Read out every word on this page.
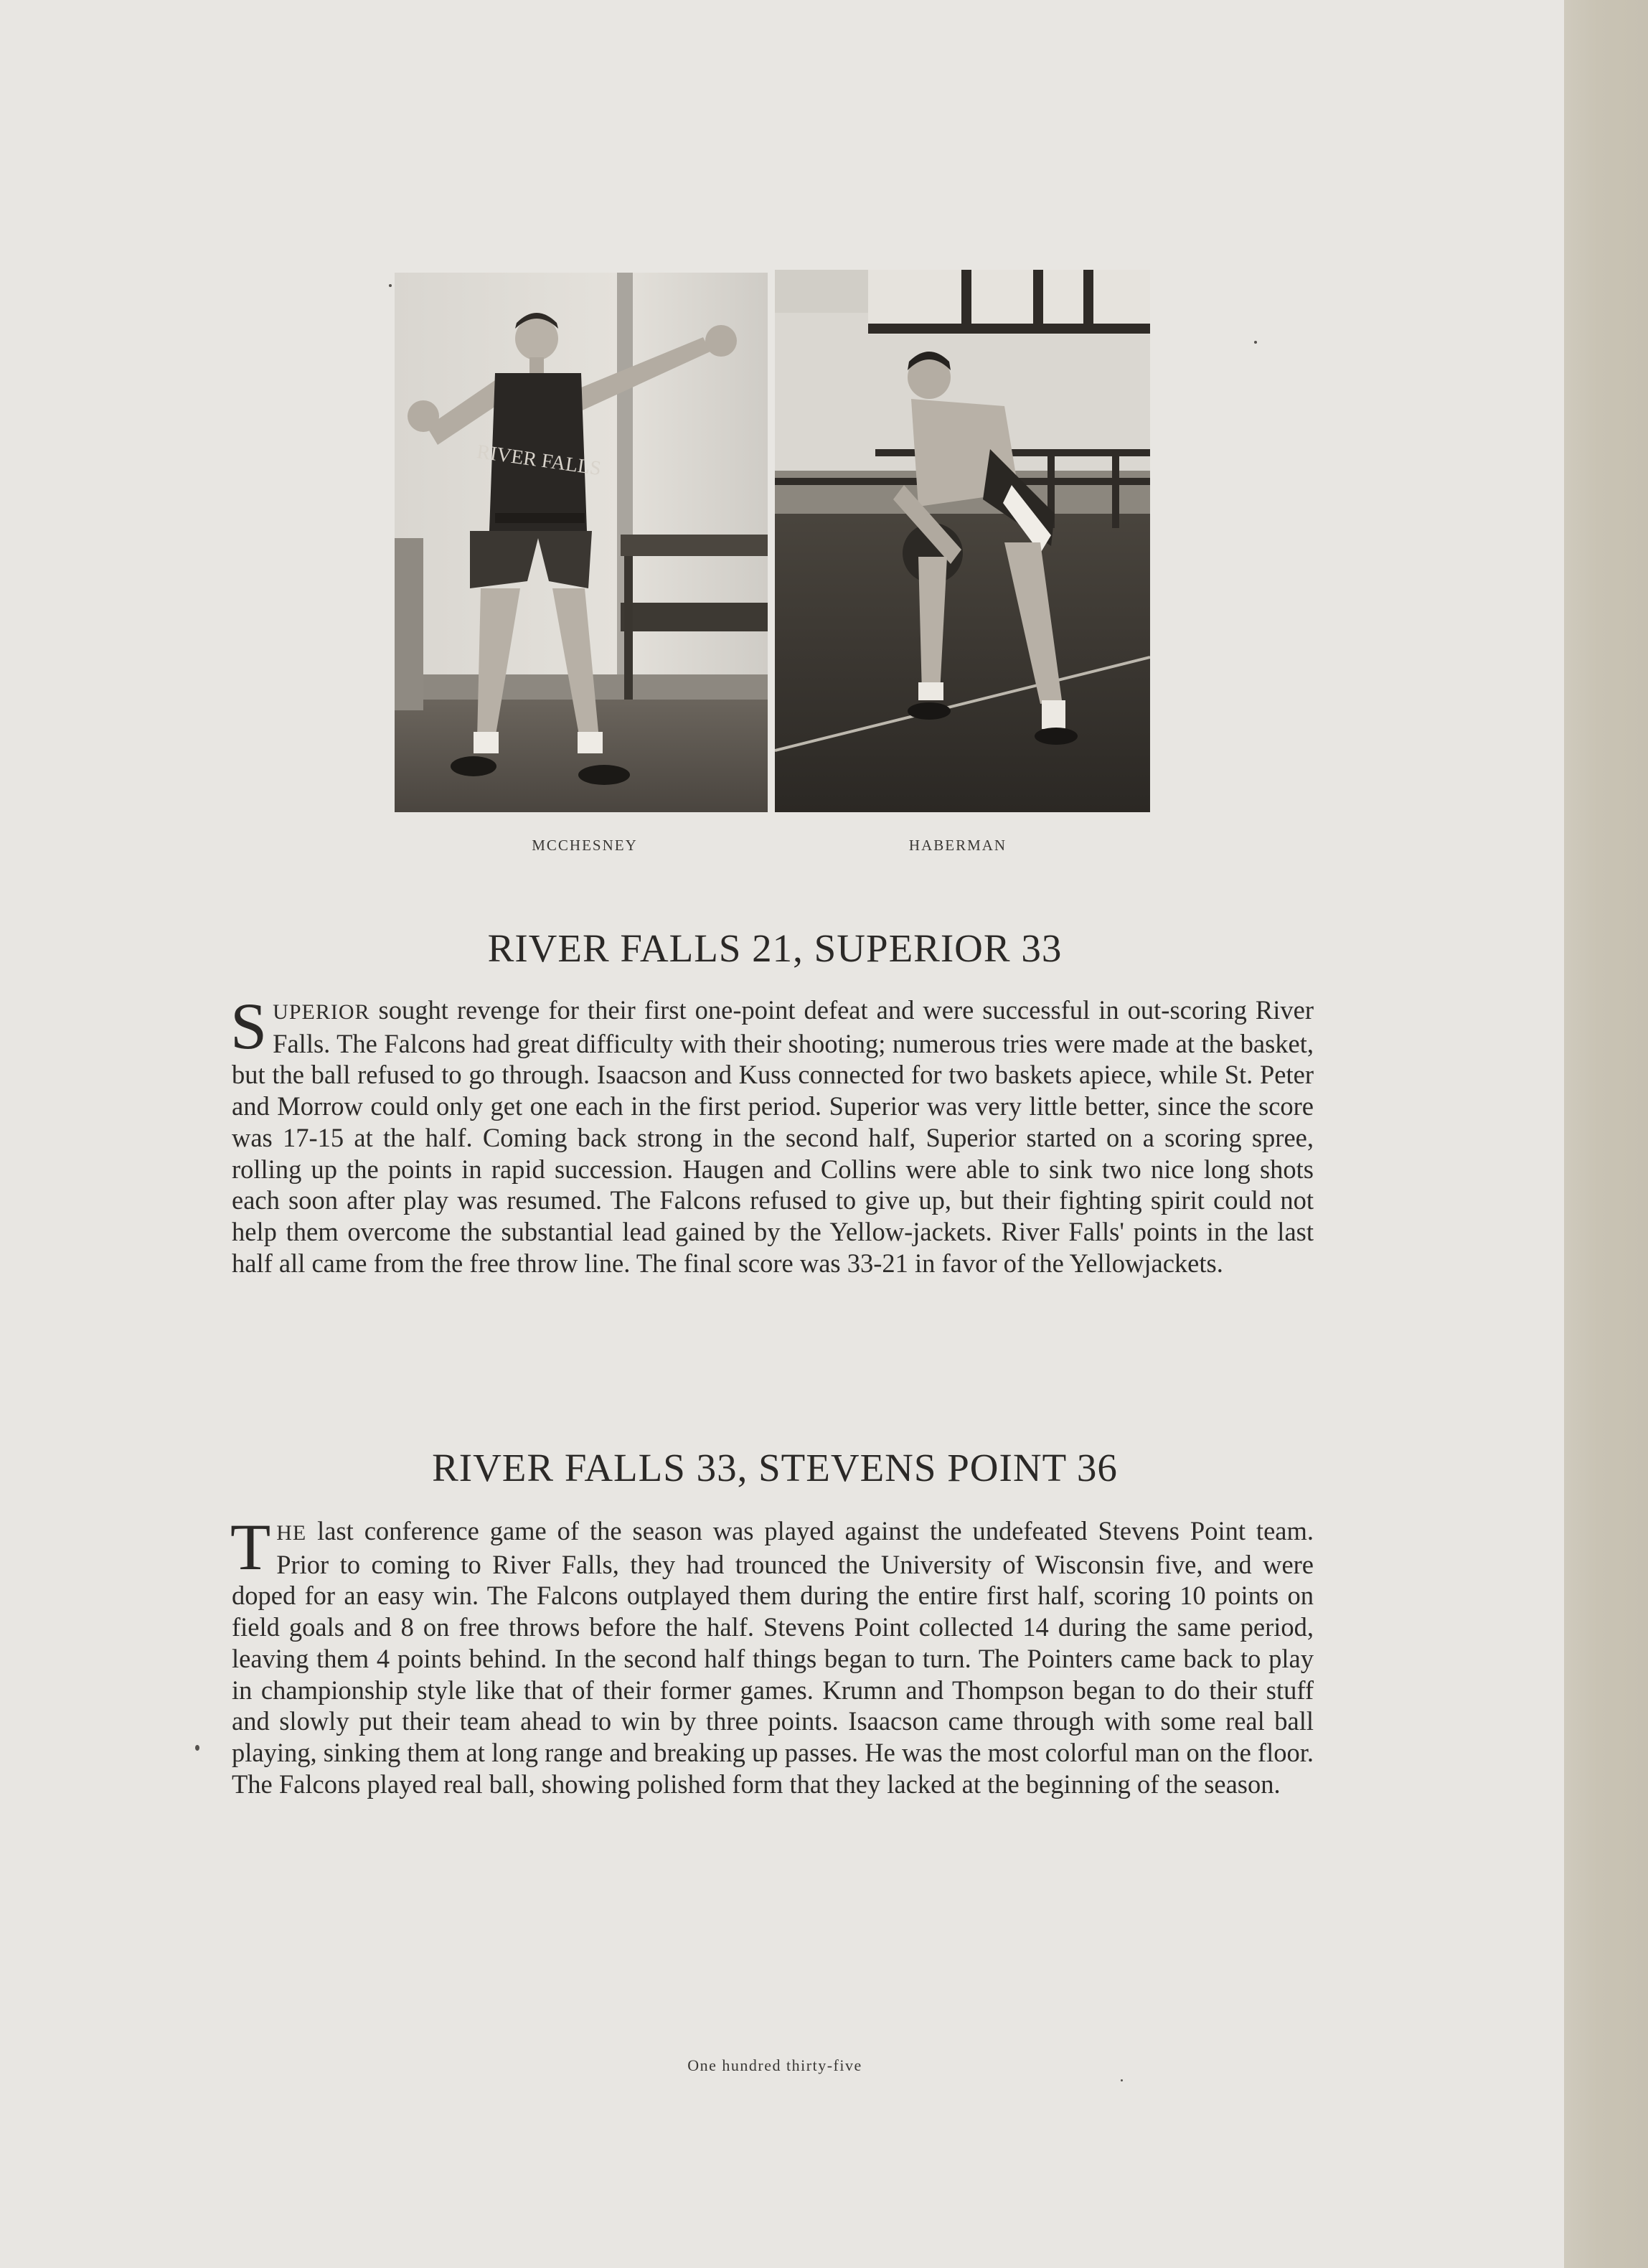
RIVER FALLS
MCCHESNEY	HABERMAN
RIVER FALLS 21, SUPERIOR 33

SUPERIOR sought revenge for their first one-point defeat and were successful in out-scoring River Falls. The Falcons had great difficulty with their shooting; numerous tries were made at the basket, but the ball refused to go through. Isaacson and Kuss connected for two baskets apiece, while St. Peter and Morrow could only get one each in the first period. Superior was very little better, since the score was 17-15 at the half. Coming back strong in the second half, Superior started on a scoring spree, rolling up the points in rapid succession. Haugen and Collins were able to sink two nice long shots each soon after play was resumed. The Falcons refused to give up, but their fighting spirit could not help them overcome the substantial lead gained by the Yellow-jackets. River Falls' points in the last half all came from the free throw line. The final score was 33-21 in favor of the Yellowjackets.

RIVER FALLS 33, STEVENS POINT 36

THE last conference game of the season was played against the undefeated Stevens Point team. Prior to coming to River Falls, they had trounced the University of Wisconsin five, and were doped for an easy win. The Falcons outplayed them during the entire first half, scoring 10 points on field goals and 8 on free throws before the half. Stevens Point collected 14 during the same period, leaving them 4 points behind. In the second half things began to turn. The Pointers came back to play in championship style like that of their former games. Krumn and Thompson began to do their stuff and slowly put their team ahead to win by three points. Isaacson came through with some real ball playing, sinking them at long range and breaking up passes. He was the most colorful man on the floor. The Falcons played real ball, showing polished form that they lacked at the beginning of the season.

One hundred thirty-five
